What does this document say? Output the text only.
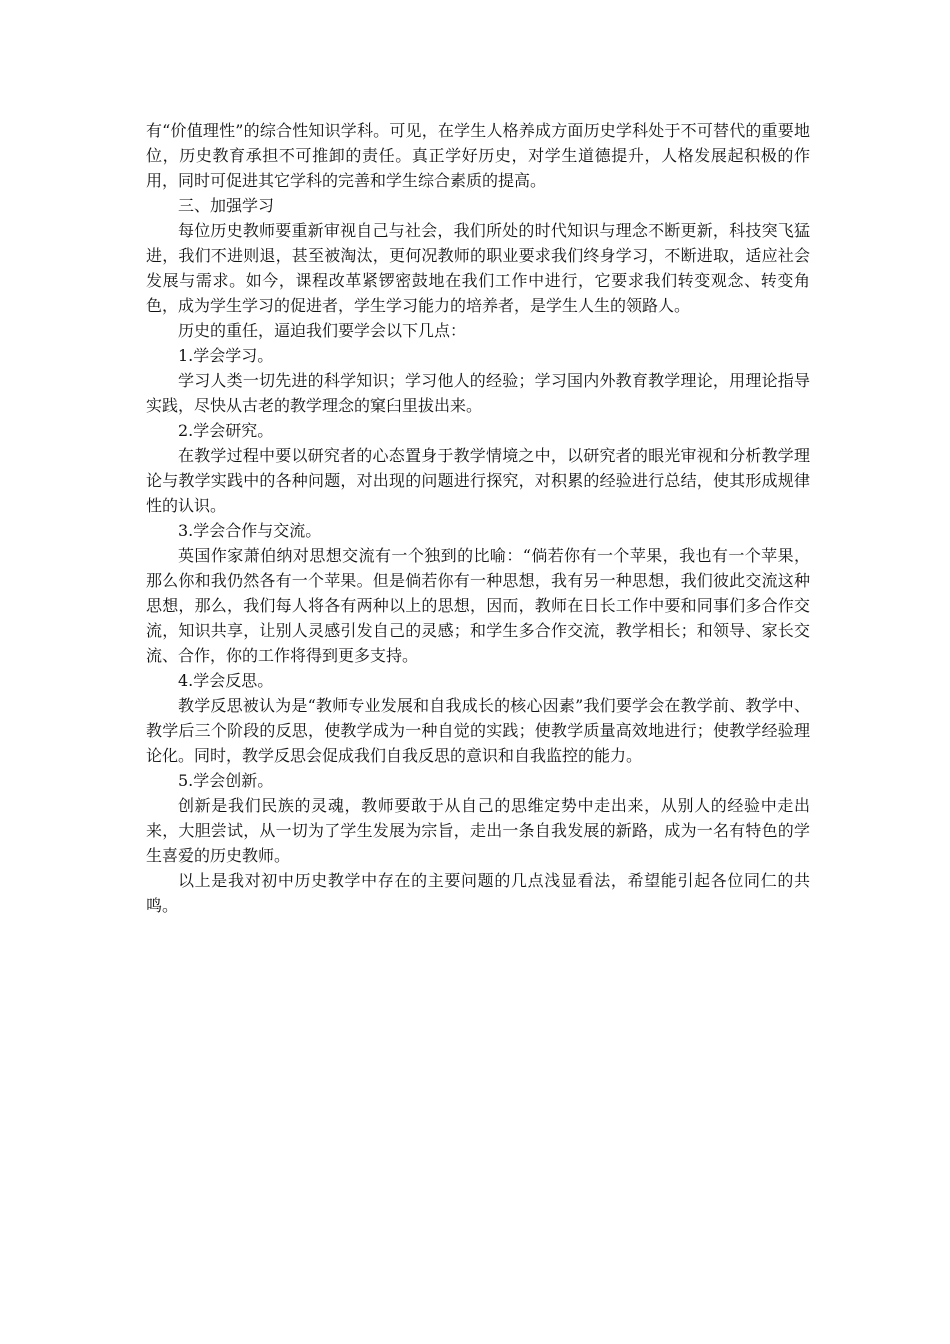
有“价值理性”的综合性知识学科。可见，在学生人格养成方面历史学科处于不可替代的重要地位，历史教育承担不可推卸的责任。真正学好历史，对学生道德提升，人格发展起积极的作用，同时可促进其它学科的完善和学生综合素质的提高。

三、加强学习

每位历史教师要重新审视自己与社会，我们所处的时代知识与理念不断更新，科技突飞猛进，我们不进则退，甚至被淘汰，更何况教师的职业要求我们终身学习，不断进取，适应社会发展与需求。如今，课程改革紧锣密鼓地在我们工作中进行，它要求我们转变观念、转变角色，成为学生学习的促进者，学生学习能力的培养者，是学生人生的领路人。

历史的重任，逼迫我们要学会以下几点：

1.学会学习。

学习人类一切先进的科学知识；学习他人的经验；学习国内外教育教学理论，用理论指导实践，尽快从古老的教学理念的窠臼里拔出来。

2.学会研究。

在教学过程中要以研究者的心态置身于教学情境之中，以研究者的眼光审视和分析教学理论与教学实践中的各种问题，对出现的问题进行探究，对积累的经验进行总结，使其形成规律性的认识。

3.学会合作与交流。

英国作家萧伯纳对思想交流有一个独到的比喻：“倘若你有一个苹果，我也有一个苹果，那么你和我仍然各有一个苹果。但是倘若你有一种思想，我有另一种思想，我们彼此交流这种思想，那么，我们每人将各有两种以上的思想，因而，教师在日长工作中要和同事们多合作交流，知识共享，让别人灵感引发自己的灵感；和学生多合作交流，教学相长；和领导、家长交流、合作，你的工作将得到更多支持。

4.学会反思。

教学反思被认为是“教师专业发展和自我成长的核心因素”我们要学会在教学前、教学中、教学后三个阶段的反思，使教学成为一种自觉的实践；使教学质量高效地进行；使教学经验理论化。同时，教学反思会促成我们自我反思的意识和自我监控的能力。

5.学会创新。

创新是我们民族的灵魂，教师要敢于从自己的思维定势中走出来，从别人的经验中走出来，大胆尝试，从一切为了学生发展为宗旨，走出一条自我发展的新路，成为一名有特色的学生喜爱的历史教师。

以上是我对初中历史教学中存在的主要问题的几点浅显看法，希望能引起各位同仁的共鸣。
